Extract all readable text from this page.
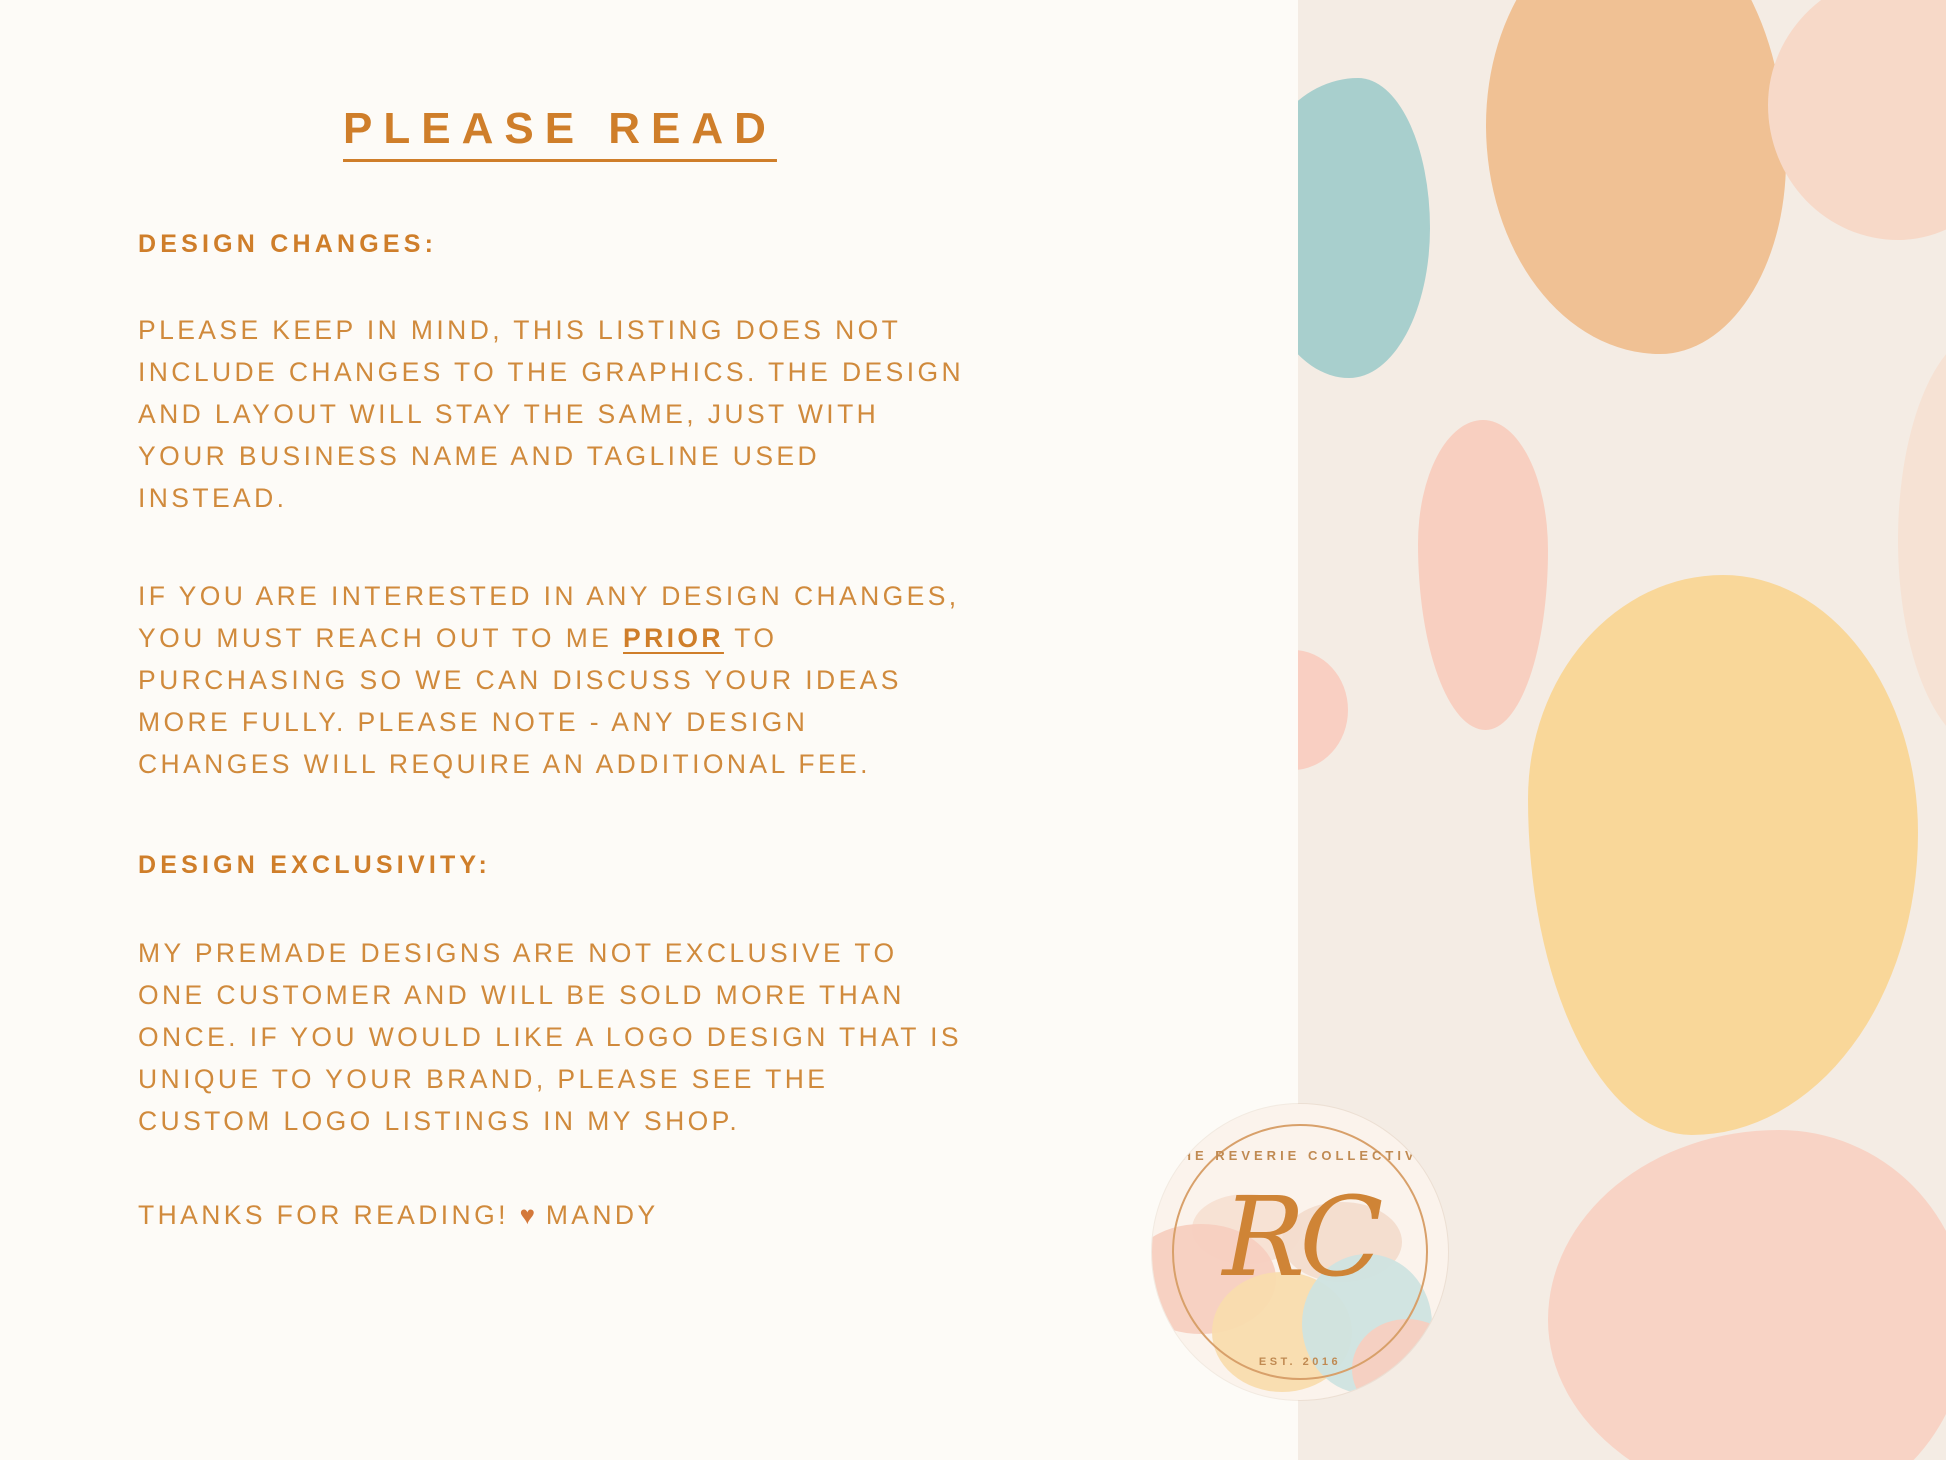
PLEASE READ
DESIGN CHANGES:

PLEASE KEEP IN MIND, THIS LISTING DOES NOT INCLUDE CHANGES TO THE GRAPHICS. THE DESIGN AND LAYOUT WILL STAY THE SAME, JUST WITH YOUR BUSINESS NAME AND TAGLINE USED INSTEAD.

IF YOU ARE INTERESTED IN ANY DESIGN CHANGES, YOU MUST REACH OUT TO ME PRIOR TO PURCHASING SO WE CAN DISCUSS YOUR IDEAS MORE FULLY. PLEASE NOTE - ANY DESIGN CHANGES WILL REQUIRE AN ADDITIONAL FEE.

DESIGN EXCLUSIVITY:

MY PREMADE DESIGNS ARE NOT EXCLUSIVE TO ONE CUSTOMER AND WILL BE SOLD MORE THAN ONCE. IF YOU WOULD LIKE A LOGO DESIGN THAT IS UNIQUE TO YOUR BRAND, PLEASE SEE THE CUSTOM LOGO LISTINGS IN MY SHOP.

THANKS FOR READING! ♥ MANDY

THE REVERIE COLLECTIVE
RC
EST. 2016
